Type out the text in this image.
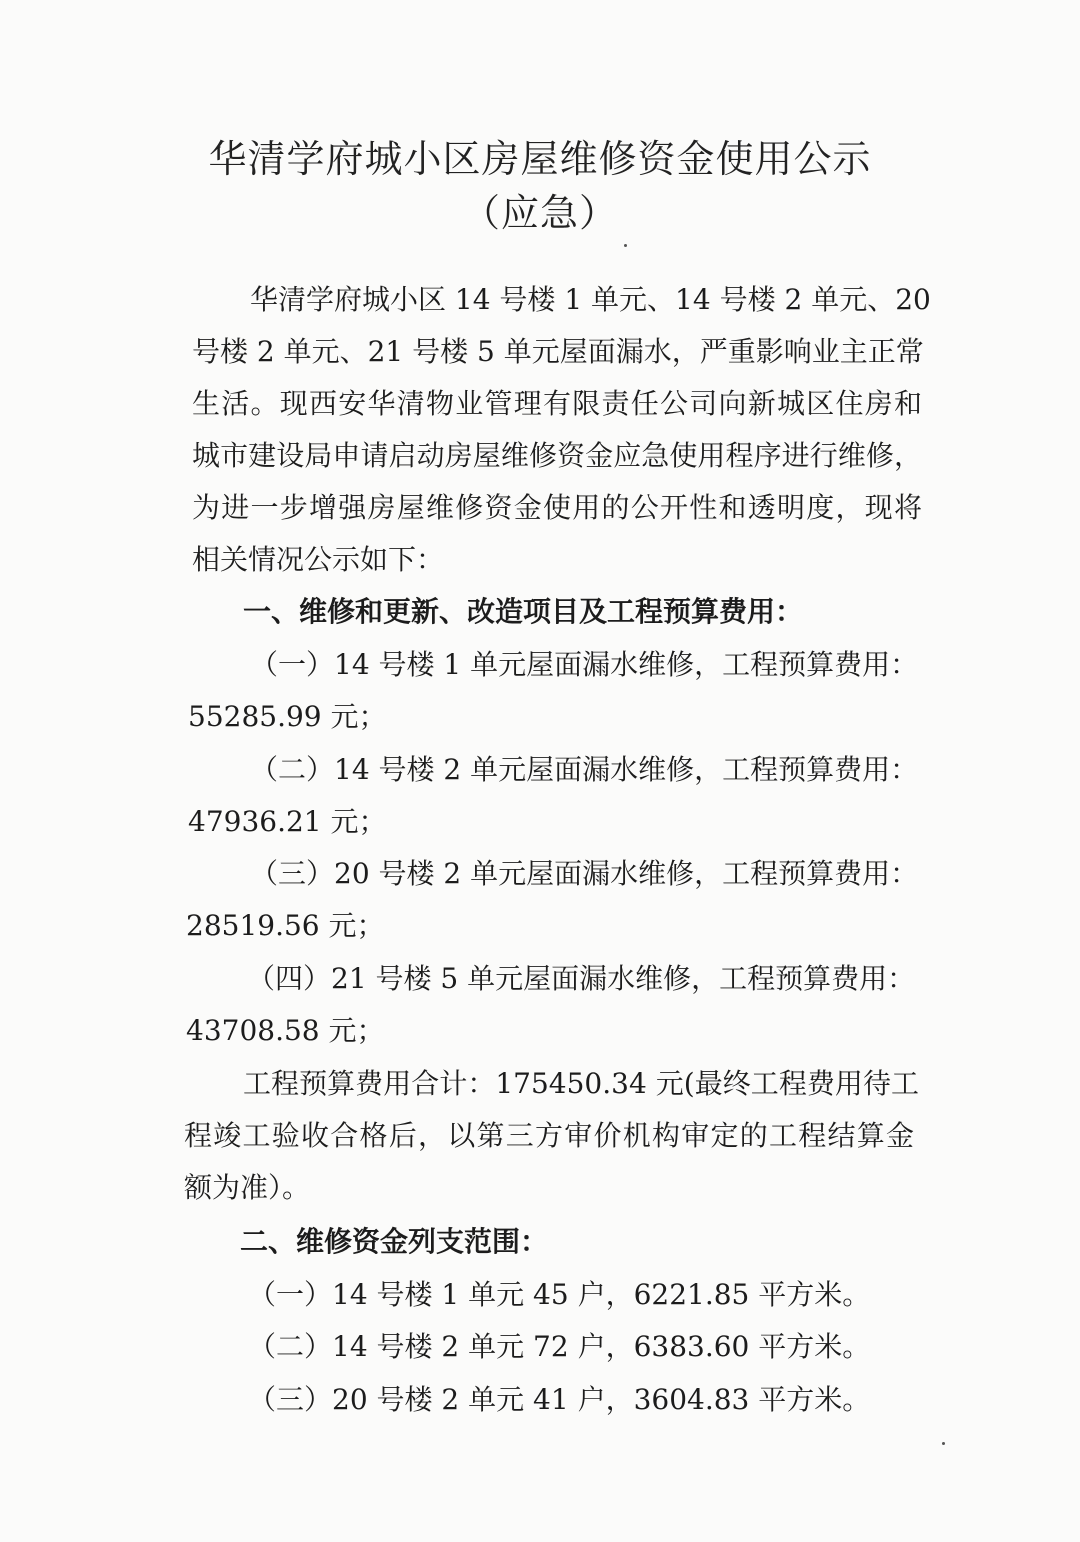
华清学府城小区房屋维修资金使用公示
（应急）
华清学府城小区 14 号楼 1 单元、14 号楼 2 单元、20
号楼 2 单元、21 号楼 5 单元屋面漏水，严重影响业主正常
生活。现西安华清物业管理有限责任公司向新城区住房和
城市建设局申请启动房屋维修资金应急使用程序进行维修，
为进一步增强房屋维修资金使用的公开性和透明度，现将
相关情况公示如下：
一、维修和更新、改造项目及工程预算费用：
（一）14 号楼 1 单元屋面漏水维修，工程预算费用：
55285.99 元；
（二）14 号楼 2 单元屋面漏水维修，工程预算费用：
47936.21 元；
（三）20 号楼 2 单元屋面漏水维修，工程预算费用：
28519.56 元；
（四）21 号楼 5 单元屋面漏水维修，工程预算费用：
43708.58 元；
工程预算费用合计：175450.34 元(最终工程费用待工
程竣工验收合格后，以第三方审价机构审定的工程结算金
额为准）。
二、维修资金列支范围：
（一）14 号楼 1 单元 45 户，6221.85 平方米。
（二）14 号楼 2 单元 72 户，6383.60 平方米。
（三）20 号楼 2 单元 41 户，3604.83 平方米。
